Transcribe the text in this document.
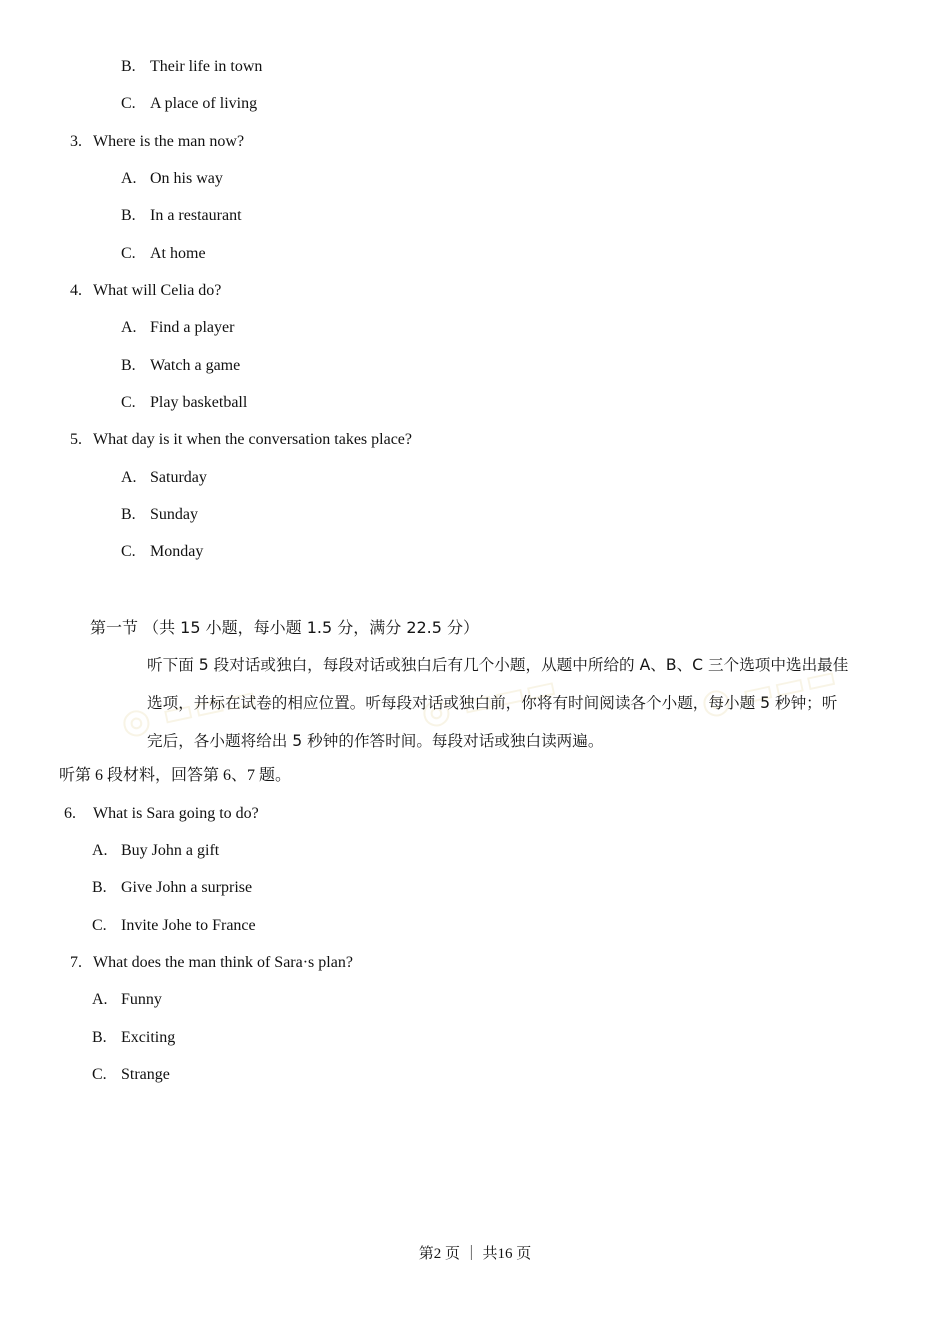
◎ ▭▭▭	◎ ▭▭▭	◎ ▭▭▭
B. Their life in town
C. A place of living
3. Where is the man now?
A. On his way
B. In a restaurant
C. At home
4. What will Celia do?
A. Find a player
B. Watch a game
C. Play basketball
5. What day is it when the conversation takes place?
A. Saturday
B. Sunday
C. Monday
第一节 （共 15 小题，每小题 1.5 分，满分 22.5 分）
听下面 5 段对话或独白，每段对话或独白后有几个小题，从题中所给的 A、B、C 三个选项中选出最佳
选项，并标在试卷的相应位置。听每段对话或独白前，你将有时间阅读各个小题，每小题 5 秒钟；听
完后，各小题将给出 5 秒钟的作答时间。每段对话或独白读两遍。
听第 6 段材料，回答第 6、7 题。
6. What is Sara going to do?
A. Buy John a gift
B. Give John a surprise
C. Invite Johe to France
7. What does the man think of Sara·s plan?
A. Funny
B. Exciting
C. Strange
第2 页 ｜ 共16 页
